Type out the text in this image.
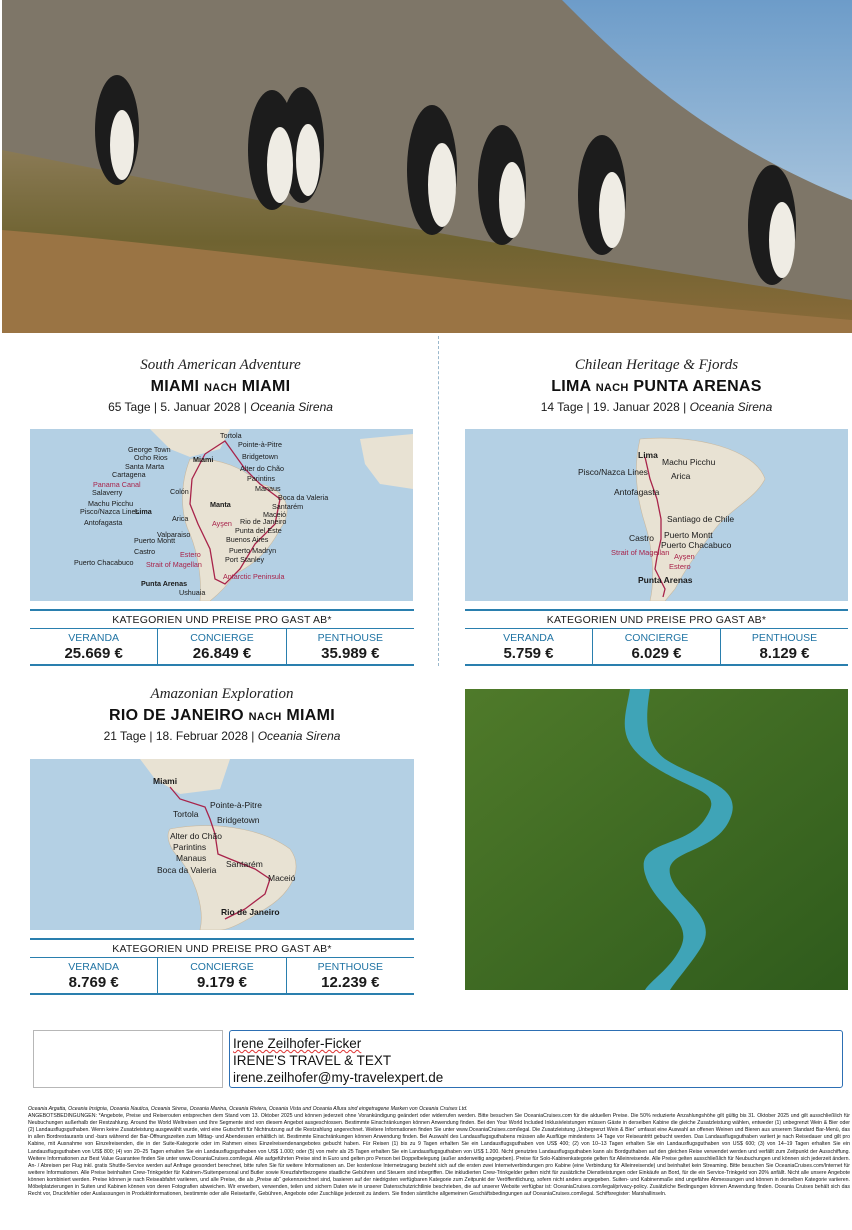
South American Adventure
MIAMI nach MIAMI
65 Tage | 5. Januar 2028 | Oceania Sirena
Tortola
Pointe-à-Pitre
George Town
Bridgetown
Ocho Rios	Miami
Alter do Chão
Santa Marta
Parintins
Cartagena
Manaus
Panama Canal
Colón
Boca da Valeria
Salaverry
Santarém
Machu Picchu	Manta
Lima	Maceió
Pisco/Nazca Lines
Ayşen Rio de Janeiro
Antofagasta
Punta del Este
Arica
Buenos Aires
Valparaiso
Puerto Madryn
Puerto Montt
Estero
Castro
Port Stanley
Puerto Chacabuco Strait of Magellan
Punta Arenas
Antarctic Peninsula
Ushuaia
KATEGORIEN UND PREISE PRO GAST AB*
VERANDA
25.669 €
CONCIERGE
26.849 €
PENTHOUSE
35.989 €
Chilean Heritage & Fjords
LIMA nach PUNTA ARENAS
14 Tage | 19. Januar 2028 | Oceania Sirena
Lima
Machu Picchu
Pisco/Nazca Lines	Arica
Antofagasta
Santiago de Chile
Puerto Montt
Castro
Puerto Chacabuco
Ayşen
Strait of Magellan
Estero
Punta Arenas
KATEGORIEN UND PREISE PRO GAST AB*
VERANDA
5.759 €
CONCIERGE
6.029 €
PENTHOUSE
8.129 €
Amazonian Exploration
RIO DE JANEIRO nach MIAMI
21 Tage | 18. Februar 2028 | Oceania Sirena
Miami
Pointe-à-Pitre
Tortola
Bridgetown
Alter do Chão
Parintins
Manaus
Santarém
Boca da Valeria
Maceió
Rio de Janeiro
KATEGORIEN UND PREISE PRO GAST AB*
VERANDA
8.769 €
CONCIERGE
9.179 €
PENTHOUSE
12.239 €
Irene Zeilhofer-Ficker
IRENE'S TRAVEL & TEXT
irene.zeilhofer@my-travelexpert.de
Oceania Argatta, Oceania Insignia, Oceania Nautica, Oceania Sirena, Oceania Marina, Oceania Riviera, Oceania Vista und Oceania Allura sind eingetragene Marken von Oceania Cruises Ltd.
ANGEBOTSBEDINGUNGEN: *Angebote, Preise und Reiserouten entsprechen dem Stand vom 13. Oktober 2025 und können jederzeit ohne Vorankündigung geändert oder widerrufen werden. Bitte besuchen Sie OceaniaCruises.com für die aktuellen Preise. Die 50% reduzierte Anzahlungshöhe gilt gültig bis 31. Oktober 2025 und gilt ausschließlich für Neubuchungen außerhalb der Restzahlung. Around the World Weltreisen und ihre Segmente sind von diesem Angebot ausgeschlossen. Bestimmte Einschränkungen können Anwendung finden. Bei den Your World Included Inklusivleistungen müssen Gäste in derselben Kabine die gleiche Zusatzleistung wählen, entweder (1) unbegrenzt Wein & Bier oder (2) Landausflugsguthaben. Wenn keine Zusatzleistung ausgewählt wurde, wird eine Gutschrift für Nichtnutzung auf die Restzahlung angerechnet. Weitere Informationen finden Sie unter www.OceaniaCruises.com/legal. Die Zusatzleistung „Unbegrenzt Wein & Bier“ umfasst eine Auswahl an offenen Weinen und Bieren aus unserem Standard Bar-Menü, das in allen Bordrestaurants und -bars während der Bar-Öffnungszeiten zum Mittag- und Abendessen erhältlich ist. Bestimmte Einschränkungen können Anwendung finden. Bei Auswahl des Landausflugsguthabens müssen alle Ausflüge mindestens 14 Tage vor Reiseantritt gebucht werden. Das Landausflugsguthaben variiert je nach Reisedauer und gilt pro Kabine, mit Ausnahme von Einzelreisenden, die in der Suite-Kategorie oder im Rahmen eines Einzelreisendenangebotes gebucht haben. Für Reisen (1) bis zu 9 Tagen erhalten Sie ein Landausflugsguthaben von US$ 400; (2) von 10–13 Tagen erhalten Sie ein Landausflugsguthaben von US$ 600; (3) von 14–19 Tagen erhalten Sie ein Landausflugsguthaben von US$ 800; (4) von 20–25 Tagen erhalten Sie ein Landausflugsguthaben von US$ 1.000; oder (5) von mehr als 25 Tagen erhalten Sie ein Landausflugsguthaben von US$ 1.200. Nicht genutztes Landausflugsguthaben kann als Bordguthaben auf den gleichen Reise verwendet werden und verfällt zum Zeitpunkt der Ausschiffung. Weitere Informationen zur Best Value Guarantee finden Sie unter www.OceaniaCruises.com/legal. Alle aufgeführten Preise sind in Euro und gelten pro Person bei Doppelbelegung (außer anderweitig angegeben). Preise für Solo-Kabinenkategorie gelten für Alleinreisende. Alle Preise gelten ausschließlich für Neubuchungen und können sich jederzeit ändern. An- / Abreisen per Flug inkl. gratis Shuttle-Service werden auf Anfrage gesondert berechnet, bitte rufen Sie für weitere Informationen an. Der kostenlose Internetzugang bezieht sich auf die ersten zwei Internetverbindungen pro Kabine (eine Verbindung für Alleinreisende) und beinhaltet kein Streaming. Bitte besuchen Sie OceaniaCruises.com/Internet für weitere Informationen. Alle Preise beinhalten Crew-Trinkgelder für Kabinen-/Suitenpersonal und Butler sowie Kreuzfahrtbezogene staatliche Gebühren und Steuern sind inbegriffen. Die inkludierten Crew-Trinkgelder gelten nicht für zusätzliche Dienstleistungen oder Einkäufe an Bord, für die ein Service-Trinkgeld von 20% anfällt. Nicht alle unsere Angebote können kombiniert werden. Preise können je nach Reiseabfahrt variieren, und alle Preise, die als „Preise ab“ gekennzeichnet sind, basieren auf der niedrigsten verfügbaren Kategorie zum Zeitpunkt der Veröffentlichung, sofern nicht anders angegeben. Suiten- und Kabinenmaße sind ungefähre Abmessungen und können in derselben Kategorie variieren. Möbelplatzierungen in Suiten und Kabinen können von deren Fotografien abweichen. Wir erwerben, verwenden, teilen und sichern Daten wie in unserer Datenschutzrichtlinie beschrieben, die auf unserer Website verfügbar ist: OceaniaCruises.com/legal/privacy-policy. Zusätzliche Bedingungen können Anwendung finden. Oceania Cruises behält sich das Recht vor, Druckfehler oder Auslassungen in Produktinformationen, bestimmte oder alle Reisetarife, Gebühren, Angebote oder Zuschläge jederzeit zu ändern. Sie finden sämtliche allgemeinen Geschäftsbedingungen auf OceaniaCruises.com/legal. Schiffsregister: Marshallinseln.
